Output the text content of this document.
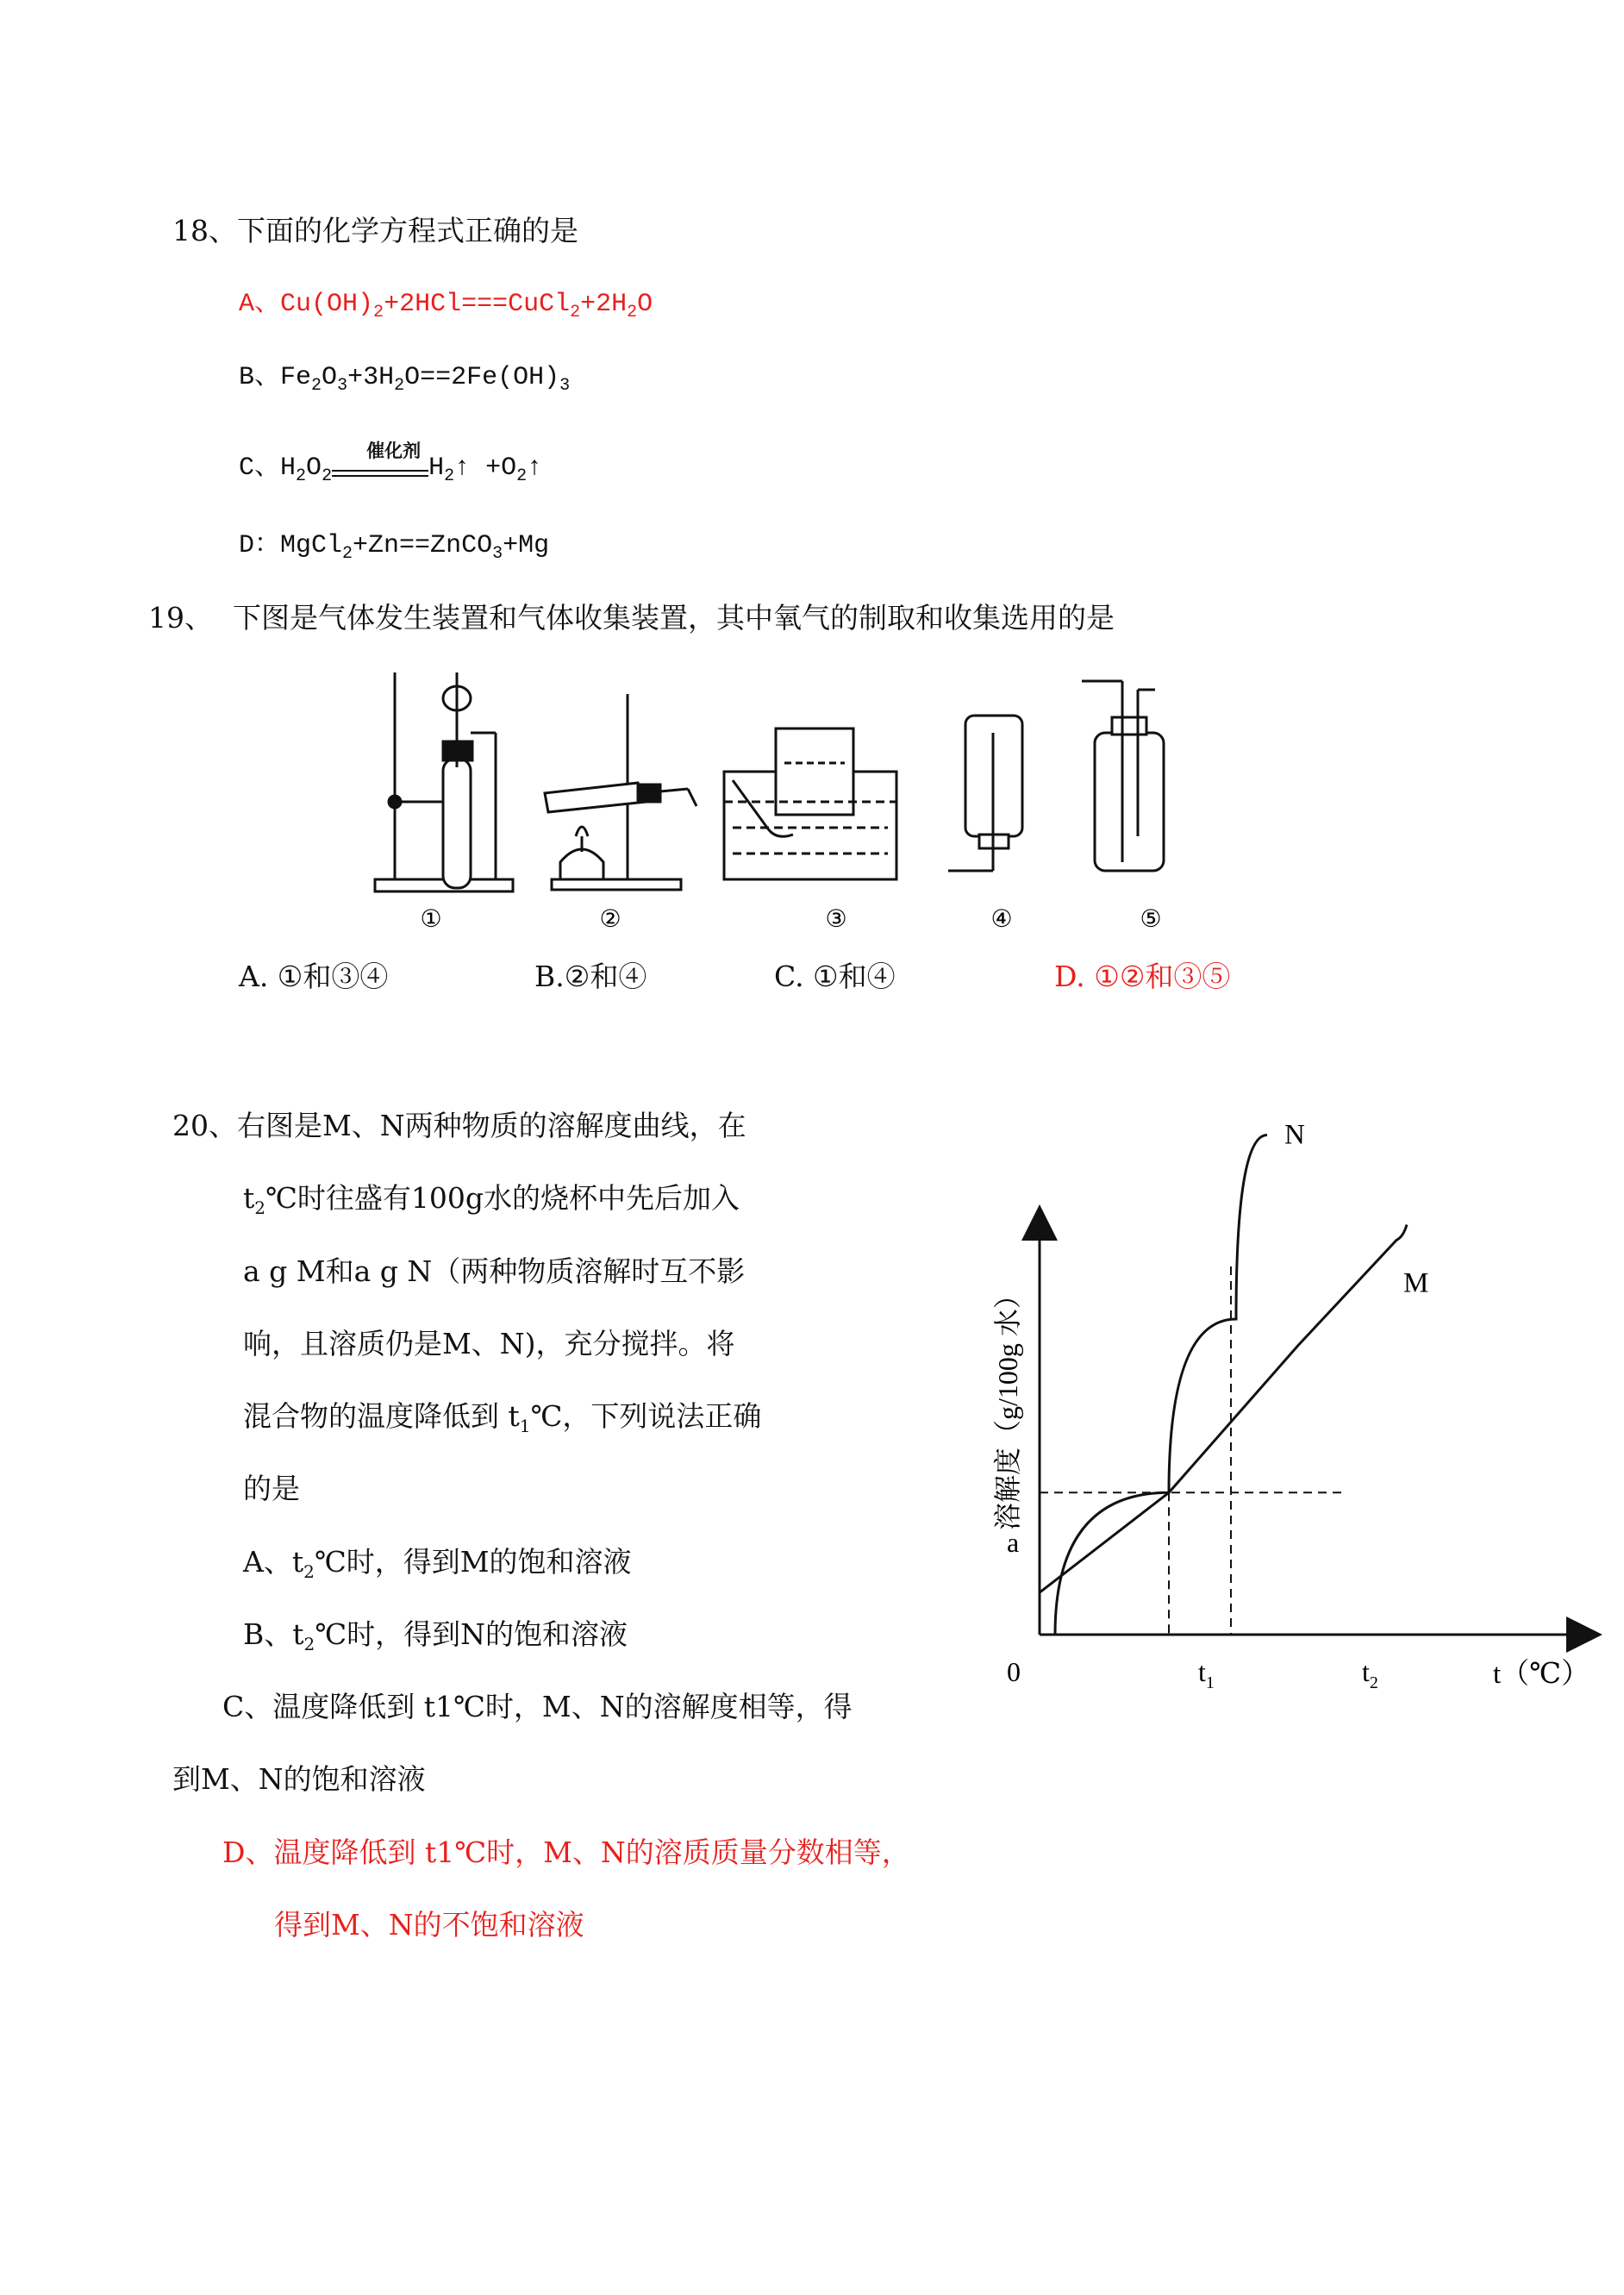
18、下面的化学方程式正确的是
A、$Cu(OH)_2+2HCl===CuCl_2+2H_2O$
B、$Fe_2O_3+3H_2O==2Fe(OH)_3$
C、$H_2O_2$
催化剂
$H_2↑$ $+O_2↑$
D：MgCl$_2$+Zn==ZnCO$_3$+Mg
19、 下图是气体发生装置和气体收集装置，其中氧气的制取和收集选用的是
①	②	③	④	⑤
A. ①和③④	B.②和④	C. ①和④	D. ①②和③⑤
20、右图是M、N两种物质的溶解度曲线，在
$t_2℃$时往盛有100g水的烧杯中先后加入
a g M和a g N（两种物质溶解时互不影
响，且溶质仍是M、N)，充分搅拌。将
混合物的温度降低到 $t_1℃$，下列说法正确
的是
A、$t_2℃$时，得到M的饱和溶液
B、$t_2℃$时，得到N的饱和溶液
C、温度降低到 t1℃时，M、N的溶解度相等，得
到M、N的饱和溶液
D、温度降低到 t1℃时，M、N的溶质质量分数相等，
得到M、N的不饱和溶液
溶解度（g/100g 水）
t（℃）
0
a
$t_1$	$t_2$
N
M
